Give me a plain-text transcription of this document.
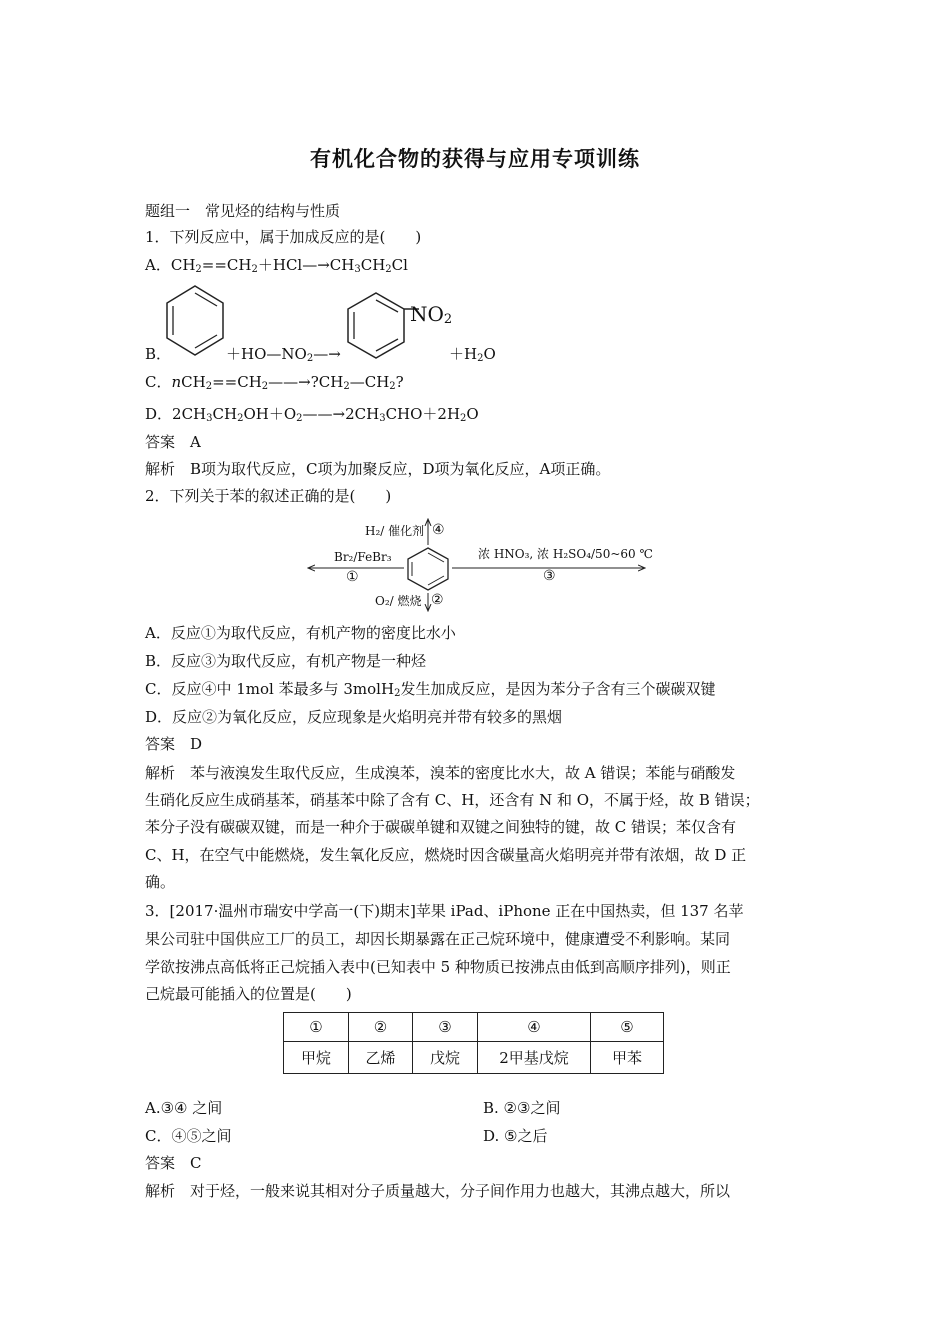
有机化合物的获得与应用专项训练
题组一　常见烃的结构与性质
1．下列反应中，属于加成反应的是(　　)
A．$CH_2==CH_2+HCl—\to CH_3CH_2Cl$
$NO_2$
B．	$+HO—NO_2—\to$	$+H_2O$
C．$nCH_2==CH_2——\to?CH_2—CH_2$?
D．$2CH_3CH_2OH+O_2——\to 2CH_3CHO+2H_2O$
答案　A
解析　B项为取代反应，C项为加聚反应，D项为氧化反应，A项正确。
2．下列关于苯的叙述正确的是(　　)
H₂/ 催化剂 ④
Br₂/FeBr₃
①
浓 HNO₃, 浓 H₂SO₄/50~60 ℃
③
O₂/ 燃烧 ②
A．反应①为取代反应，有机产物的密度比水小
B．反应③为取代反应，有机产物是一种烃
C．反应④中 1mol 苯最多与 3molH$_2$发生加成反应，是因为苯分子含有三个碳碳双键
D．反应②为氧化反应，反应现象是火焰明亮并带有较多的黑烟
答案　D
解析　苯与液溴发生取代反应，生成溴苯，溴苯的密度比水大，故 A 错误；苯能与硝酸发
生硝化反应生成硝基苯，硝基苯中除了含有 C、H，还含有 N 和 O，不属于烃，故 B 错误；
苯分子没有碳碳双键，而是一种介于碳碳单键和双键之间独特的键，故 C 错误；苯仅含有
C、H，在空气中能燃烧，发生氧化反应，燃烧时因含碳量高火焰明亮并带有浓烟，故 D 正
确。
3．[2017·温州市瑞安中学高一(下)期末]苹果 iPad、iPhone 正在中国热卖，但 137 名苹
果公司驻中国供应工厂的员工，却因长期暴露在正己烷环境中，健康遭受不利影响。某同
学欲按沸点高低将正己烷插入表中(已知表中 5 种物质已按沸点由低到高顺序排列)，则正
己烷最可能插入的位置是(　　)
①	②	③	④	⑤
甲烷	乙烯	戊烷	2甲基戊烷	甲苯
A.③④ 之间	B. ②③之间
C．④⑤之间	D. ⑤之后
答案　C
解析　对于烃，一般来说其相对分子质量越大，分子间作用力也越大，其沸点越大，所以
